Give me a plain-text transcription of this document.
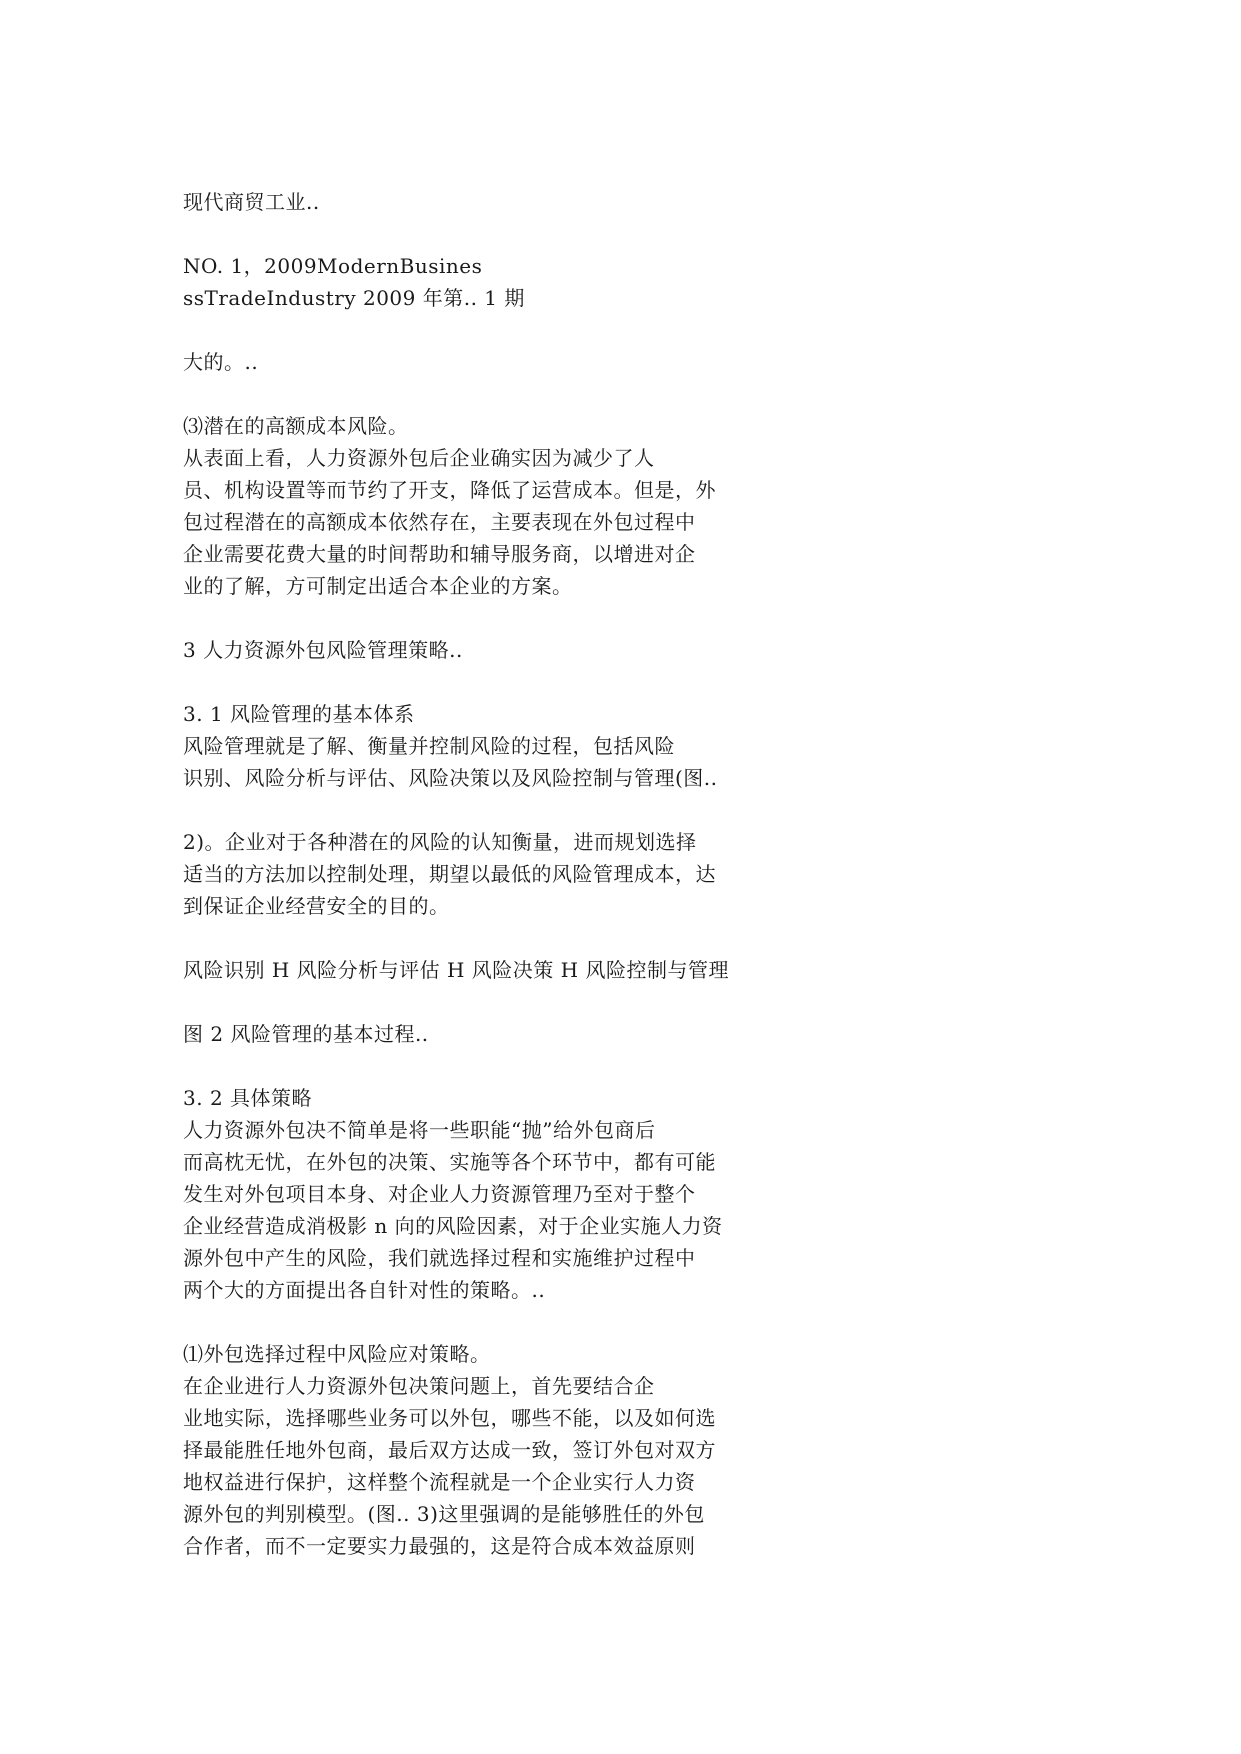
现代商贸工业..

NO. 1，2009ModernBusines

ssTradeIndustry 2009 年第.. 1 期

大的。..

⑶潜在的高额成本风险。

从表面上看，人力资源外包后企业确实因为减少了人

员、机构设置等而节约了开支，降低了运营成本。但是，外

包过程潜在的高额成本依然存在，主要表现在外包过程中

企业需要花费大量的时间帮助和辅导服务商，以增进对企

业的了解，方可制定出适合本企业的方案。

3 人力资源外包风险管理策略..

3. 1 风险管理的基本体系

风险管理就是了解、衡量并控制风险的过程，包括风险

识别、风险分析与评估、风险决策以及风险控制与管理(图..

2)。企业对于各种潜在的风险的认知衡量，进而规划选择

适当的方法加以控制处理，期望以最低的风险管理成本，达

到保证企业经营安全的目的。

风险识别 H 风险分析与评估 H 风险决策 H 风险控制与管理

图 2 风险管理的基本过程..

3. 2 具体策略

人力资源外包决不简单是将一些职能“抛”给外包商后

而高枕无忧，在外包的决策、实施等各个环节中，都有可能

发生对外包项目本身、对企业人力资源管理乃至对于整个

企业经营造成消极影 n 向的风险因素，对于企业实施人力资

源外包中产生的风险，我们就选择过程和实施维护过程中

两个大的方面提出各自针对性的策略。..

⑴外包选择过程中风险应对策略。

在企业进行人力资源外包决策问题上，首先要结合企

业地实际，选择哪些业务可以外包，哪些不能，以及如何选

择最能胜任地外包商，最后双方达成一致，签订外包对双方

地权益进行保护，这样整个流程就是一个企业实行人力资

源外包的判别模型。(图.. 3)这里强调的是能够胜任的外包

合作者，而不一定要实力最强的，这是符合成本效益原则
